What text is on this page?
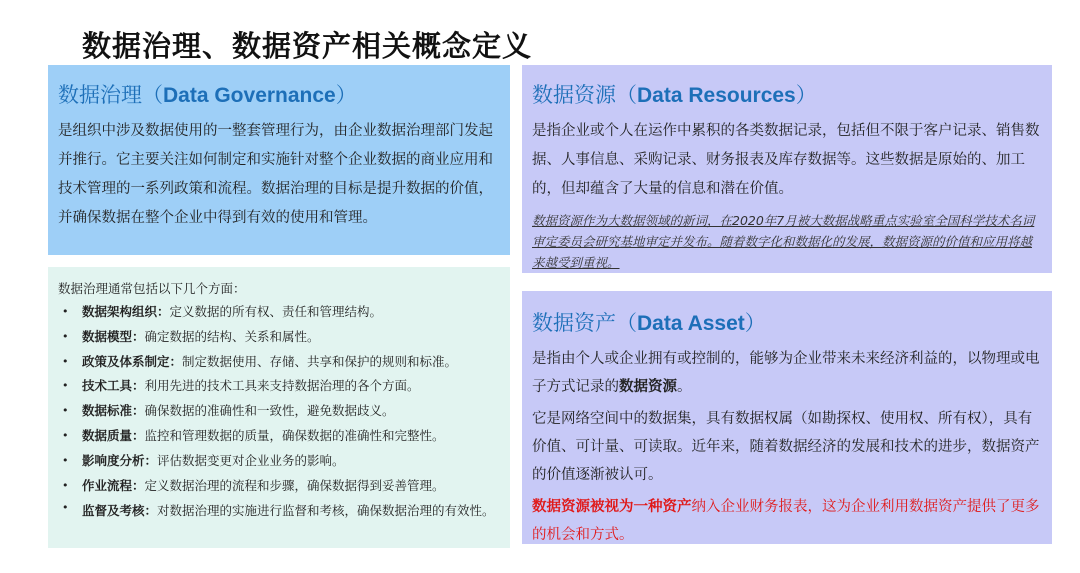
数据治理、数据资产相关概念定义
数据治理（Data Governance）

是组织中涉及数据使用的一整套管理行为，由企业数据治理部门发起并推行。它主要关注如何制定和实施针对整个企业数据的商业应用和技术管理的一系列政策和流程。数据治理的目标是提升数据的价值，并确保数据在整个企业中得到有效的使用和管理。

数据资源（Data Resources）

是指企业或个人在运作中累积的各类数据记录，包括但不限于客户记录、销售数据、人事信息、采购记录、财务报表及库存数据等。这些数据是原始的、加工的，但却蕴含了大量的信息和潜在价值。

数据资源作为大数据领域的新词，在2020年7月被大数据战略重点实验室全国科学技术名词审定委员会研究基地审定并发布。随着数字化和数据化的发展，数据资源的价值和应用将越来越受到重视。

数据治理通常包括以下几个方面：
• 数据架构组织：定义数据的所有权、责任和管理结构。
• 数据模型：确定数据的结构、关系和属性。
• 政策及体系制定：制定数据使用、存储、共享和保护的规则和标准。
• 技术工具：利用先进的技术工具来支持数据治理的各个方面。
• 数据标准：确保数据的准确性和一致性，避免数据歧义。
• 数据质量：监控和管理数据的质量，确保数据的准确性和完整性。
• 影响度分析：评估数据变更对企业业务的影响。
• 作业流程：定义数据治理的流程和步骤，确保数据得到妥善管理。
• 监督及考核：对数据治理的实施进行监督和考核，确保数据治理的有效性。
数据资产（Data Asset）

是指由个人或企业拥有或控制的，能够为企业带来未来经济利益的，以物理或电子方式记录的数据资源。

它是网络空间中的数据集，具有数据权属（如勘探权、使用权、所有权），具有价值、可计量、可读取。近年来，随着数据经济的发展和技术的进步，数据资产的价值逐渐被认可。

数据资源被视为一种资产纳入企业财务报表，这为企业利用数据资产提供了更多的机会和方式。
